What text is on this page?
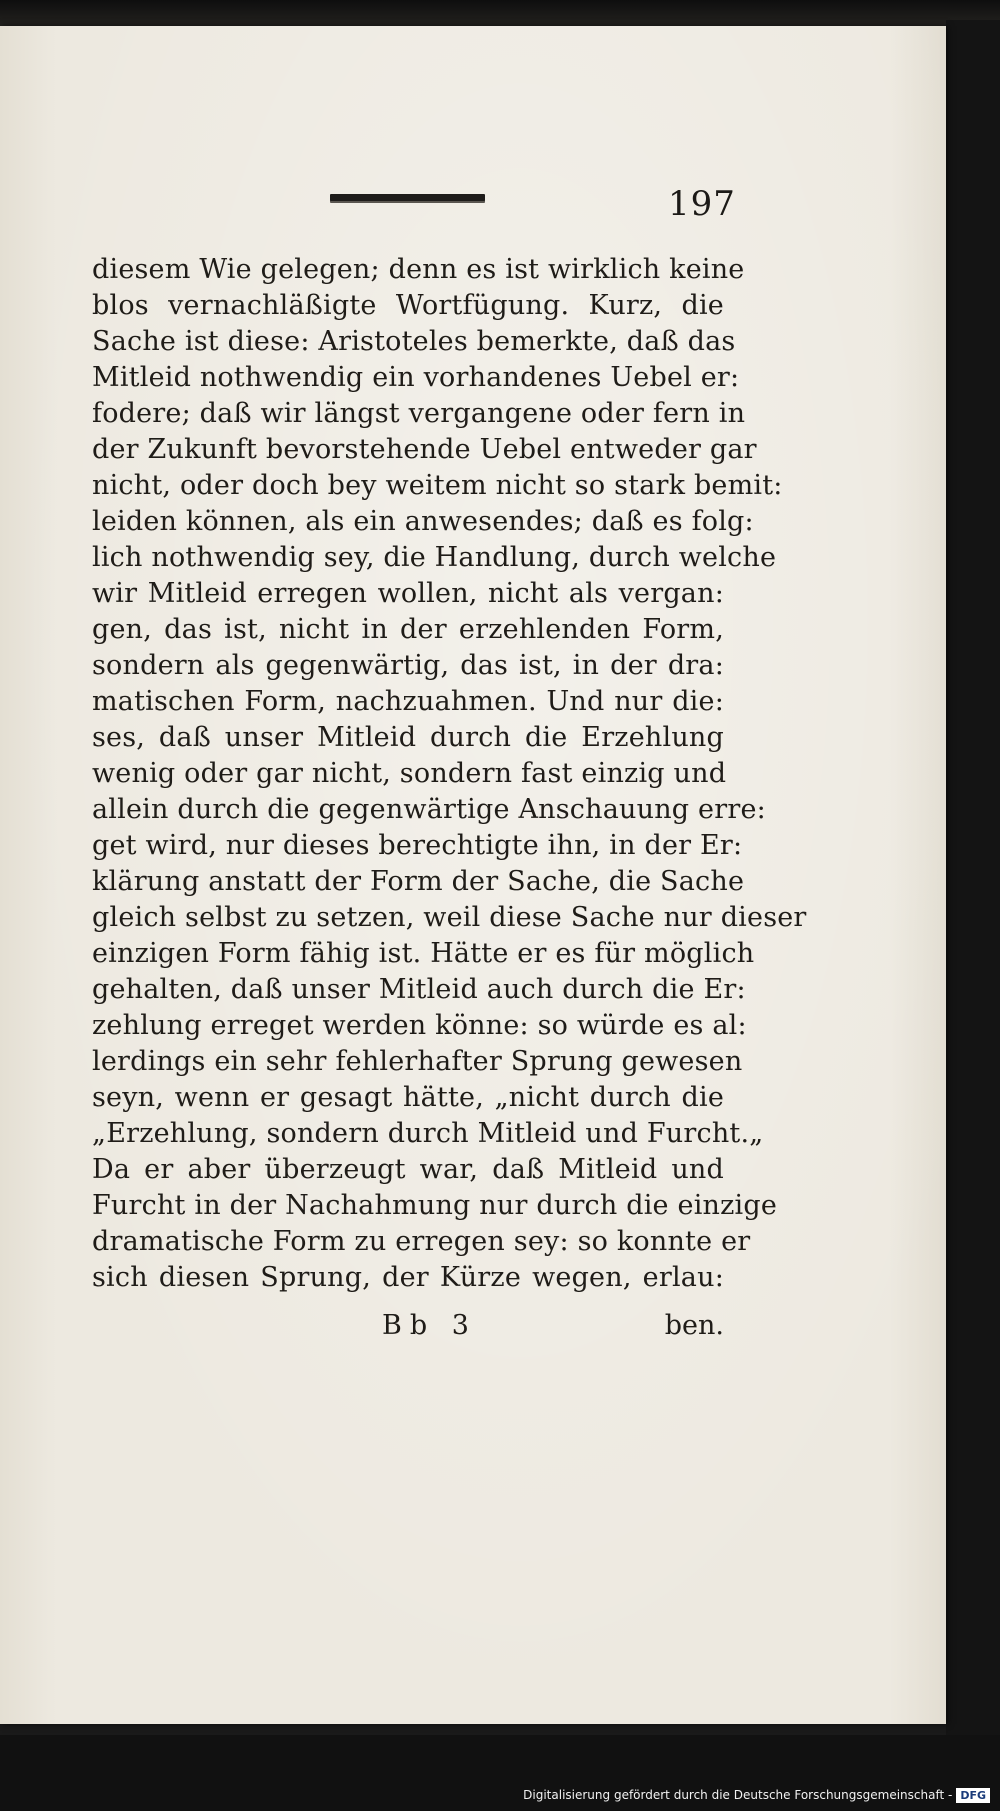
197
diesem Wie gelegen; denn es ist wirklich keine
blos vernachläßigte Wortfügung. Kurz, die
Sache ist diese: Aristoteles bemerkte, daß das
Mitleid nothwendig ein vorhandenes Uebel er:
fodere; daß wir längst vergangene oder fern in
der Zukunft bevorstehende Uebel entweder gar
nicht, oder doch bey weitem nicht so stark bemit:
leiden können, als ein anwesendes; daß es folg:
lich nothwendig sey, die Handlung, durch welche
wir Mitleid erregen wollen, nicht als vergan:
gen, das ist, nicht in der erzehlenden Form,
sondern als gegenwärtig, das ist, in der dra:
matischen Form, nachzuahmen. Und nur die:
ses, daß unser Mitleid durch die Erzehlung
wenig oder gar nicht, sondern fast einzig und
allein durch die gegenwärtige Anschauung erre:
get wird, nur dieses berechtigte ihn, in der Er:
klärung anstatt der Form der Sache, die Sache
gleich selbst zu setzen, weil diese Sache nur dieser
einzigen Form fähig ist. Hätte er es für möglich
gehalten, daß unser Mitleid auch durch die Er:
zehlung erreget werden könne: so würde es al:
lerdings ein sehr fehlerhafter Sprung gewesen
seyn, wenn er gesagt hätte, „nicht durch die
„Erzehlung, sondern durch Mitleid und Furcht.„
Da er aber überzeugt war, daß Mitleid und
Furcht in der Nachahmung nur durch die einzige
dramatische Form zu erregen sey: so konnte er
sich diesen Sprung, der Kürze wegen, erlau:
Bb 3	ben.
Digitalisierung gefördert durch die Deutsche Forschungsgemeinschaft - DFG
